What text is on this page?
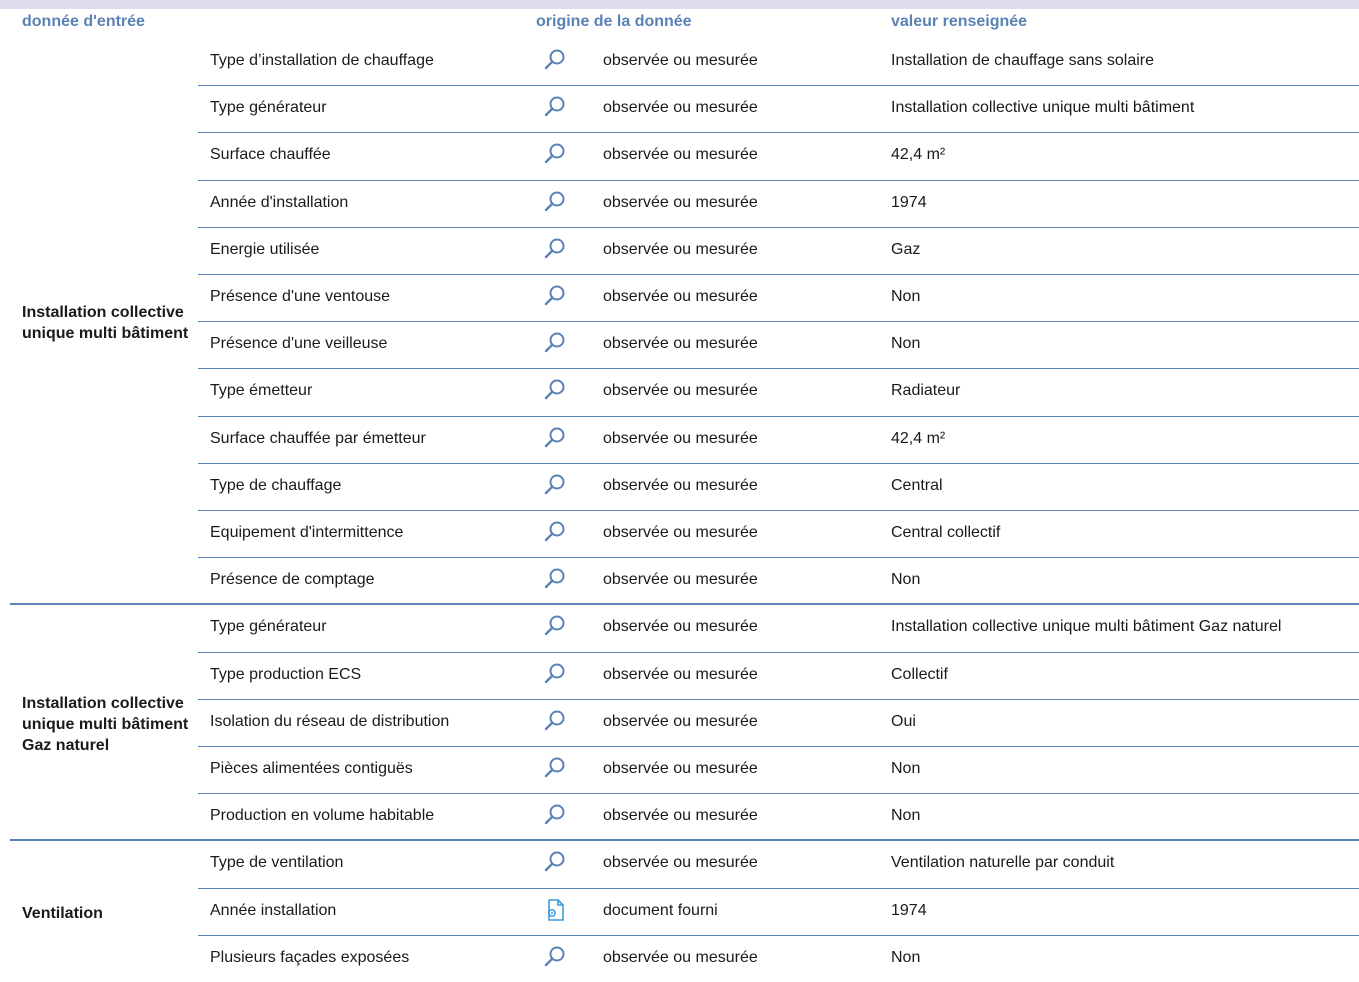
donnée d'entrée	origine de la donnée	valeur renseignée
Installation collective unique multi bâtiment
Type d’installation de chauffage	observée ou mesurée	Installation de chauffage sans solaire
Type générateur	observée ou mesurée	Installation collective unique multi bâtiment
Surface chauffée	observée ou mesurée	42,4 m²
Année d'installation	observée ou mesurée	1974
Energie utilisée	observée ou mesurée	Gaz
Présence d'une ventouse	observée ou mesurée	Non
Présence d'une veilleuse	observée ou mesurée	Non
Type émetteur	observée ou mesurée	Radiateur
Surface chauffée par émetteur	observée ou mesurée	42,4 m²
Type de chauffage	observée ou mesurée	Central
Equipement d'intermittence	observée ou mesurée	Central collectif
Présence de comptage	observée ou mesurée	Non
Installation collective unique multi bâtiment Gaz naturel
Type générateur	observée ou mesurée	Installation collective unique multi bâtiment Gaz naturel
Type production ECS	observée ou mesurée	Collectif
Isolation du réseau de distribution	observée ou mesurée	Oui
Pièces alimentées contiguës	observée ou mesurée	Non
Production en volume habitable	observée ou mesurée	Non
Ventilation
Type de ventilation	observée ou mesurée	Ventilation naturelle par conduit
Année installation	document fourni	1974
Plusieurs façades exposées	observée ou mesurée	Non
